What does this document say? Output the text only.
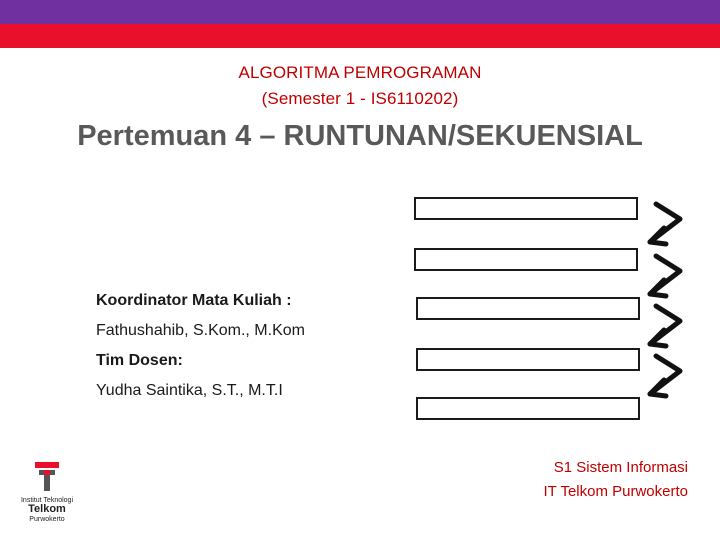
ALGORITMA PEMROGRAMAN
(Semester 1 - IS6110202)
Pertemuan 4 – RUNTUNAN/SEKUENSIAL
Koordinator Mata Kuliah :
Fathushahib, S.Kom., M.Kom
Tim Dosen:
Yudha Saintika, S.T., M.T.I
S1 Sistem Informasi
IT Telkom Purwokerto
Institut Teknologi
Telkom
Purwokerto
